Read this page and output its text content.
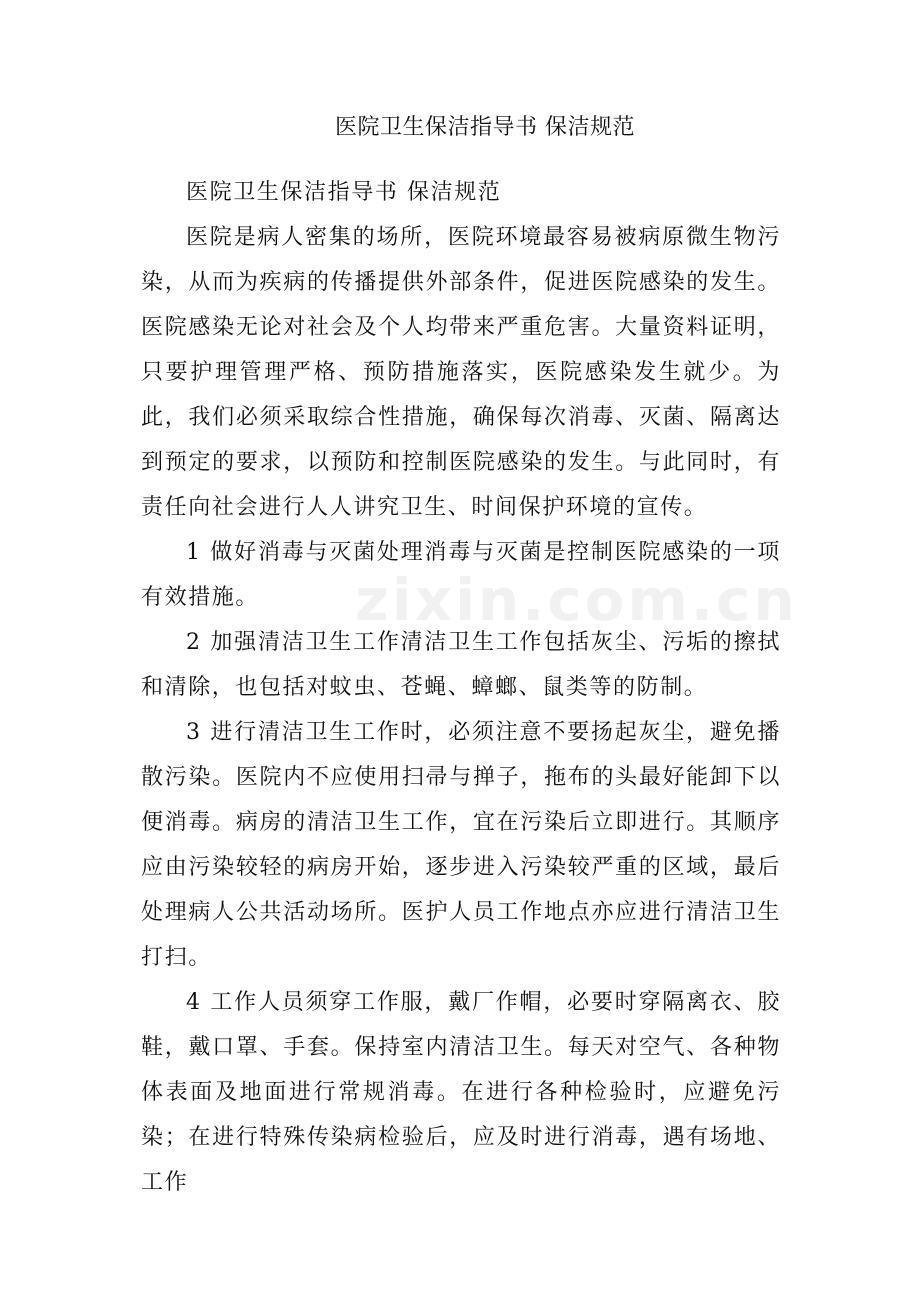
医院卫生保洁指导书 保洁规范

医院卫生保洁指导书 保洁规范

医院是病人密集的场所，医院环境最容易被病原微生物污染，从而为疾病的传播提供外部条件，促进医院感染的发生。医院感染无论对社会及个人均带来严重危害。大量资料证明，只要护理管理严格、预防措施落实，医院感染发生就少。为此，我们必须采取综合性措施，确保每次消毒、灭菌、隔离达到预定的要求，以预防和控制医院感染的发生。与此同时，有责任向社会进行人人讲究卫生、时间保护环境的宣传。

1 做好消毒与灭菌处理消毒与灭菌是控制医院感染的一项有效措施。

2 加强清洁卫生工作清洁卫生工作包括灰尘、污垢的擦拭和清除，也包括对蚊虫、苍蝇、蟑螂、鼠类等的防制。

3 进行清洁卫生工作时，必须注意不要扬起灰尘，避免播散污染。医院内不应使用扫帚与掸子，拖布的头最好能卸下以便消毒。病房的清洁卫生工作，宜在污染后立即进行。其顺序应由污染较轻的病房开始，逐步进入污染较严重的区域，最后处理病人公共活动场所。医护人员工作地点亦应进行清洁卫生打扫。

4 工作人员须穿工作服，戴厂作帽，必要时穿隔离衣、胶鞋，戴口罩、手套。保持室内清洁卫生。每天对空气、各种物体表面及地面进行常规消毒。在进行各种检验时，应避免污染；在进行特殊传染病检验后，应及时进行消毒，遇有场地、工作

zixin.com.cn
